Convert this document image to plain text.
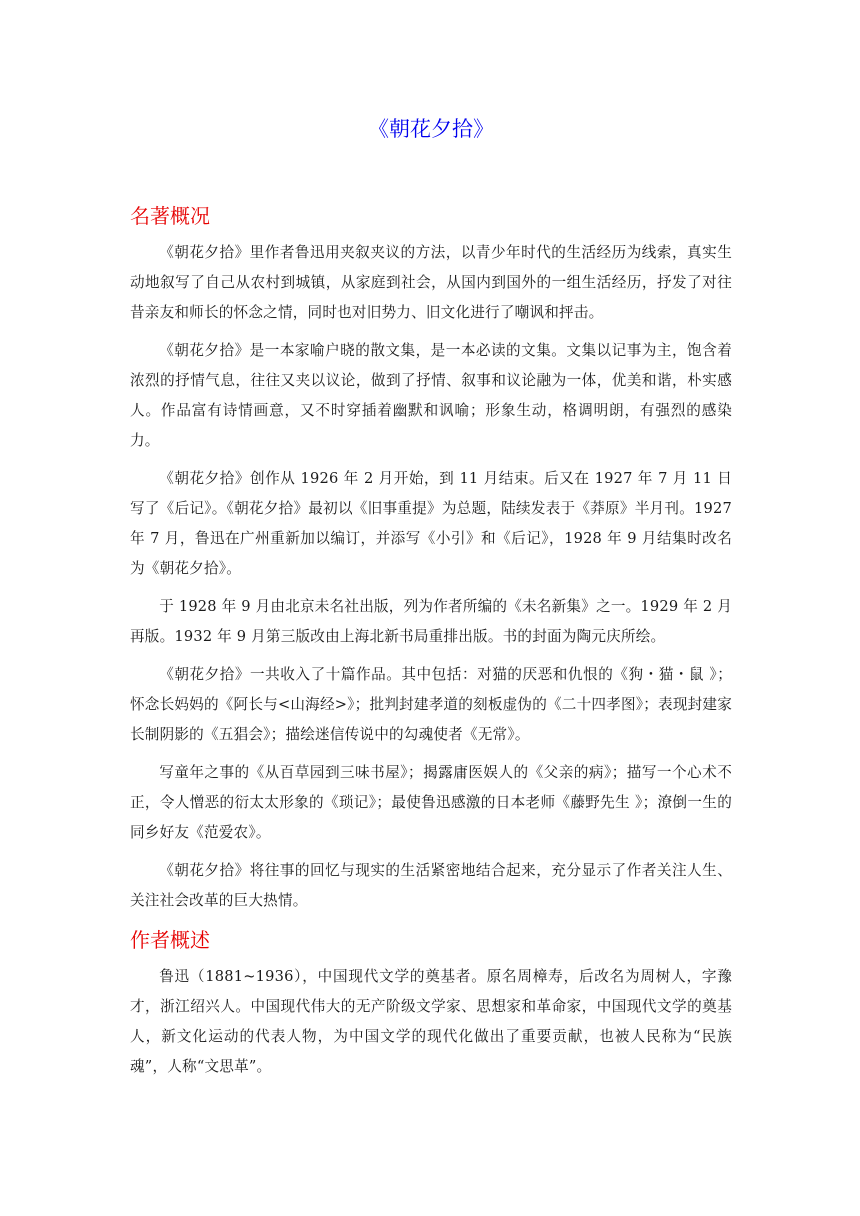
《朝花夕拾》
名著概况

《朝花夕拾》里作者鲁迅用夹叙夹议的方法，以青少年时代的生活经历为线索，真实生动地叙写了自己从农村到城镇，从家庭到社会，从国内到国外的一组生活经历，抒发了对往昔亲友和师长的怀念之情，同时也对旧势力、旧文化进行了嘲讽和抨击。

《朝花夕拾》是一本家喻户晓的散文集，是一本必读的文集。文集以记事为主，饱含着浓烈的抒情气息，往往又夹以议论，做到了抒情、叙事和议论融为一体，优美和谐，朴实感人。作品富有诗情画意，又不时穿插着幽默和讽喻；形象生动，格调明朗，有强烈的感染力。

《朝花夕拾》创作从 1926 年 2 月开始，到 11 月结束。后又在 1927 年 7 月 11 日写了《后记》。《朝花夕拾》最初以《旧事重提》为总题，陆续发表于《莽原》半月刊。1927 年 7 月，鲁迅在广州重新加以编订，并添写《小引》和《后记》，1928 年 9 月结集时改名为《朝花夕拾》。

于 1928 年 9 月由北京未名社出版，列为作者所编的《未名新集》之一。1929 年 2 月再版。1932 年 9 月第三版改由上海北新书局重排出版。书的封面为陶元庆所绘。

《朝花夕拾》一共收入了十篇作品。其中包括：对猫的厌恶和仇恨的《狗・猫・鼠 》；怀念长妈妈的《阿长与<山海经>》；批判封建孝道的刻板虚伪的《二十四孝图》；表现封建家长制阴影的《五猖会》；描绘迷信传说中的勾魂使者《无常》。

写童年之事的《从百草园到三味书屋》；揭露庸医娱人的《父亲的病》；描写一个心术不正，令人憎恶的衍太太形象的《琐记》；最使鲁迅感激的日本老师《藤野先生 》；潦倒一生的同乡好友《范爱农》。

《朝花夕拾》将往事的回忆与现实的生活紧密地结合起来，充分显示了作者关注人生、关注社会改革的巨大热情。

作者概述

鲁迅（1881~1936），中国现代文学的奠基者。原名周樟寿，后改名为周树人，字豫才，浙江绍兴人。中国现代伟大的无产阶级文学家、思想家和革命家，中国现代文学的奠基人，新文化运动的代表人物，为中国文学的现代化做出了重要贡献，也被人民称为“民族魂”，人称“文思革”。
